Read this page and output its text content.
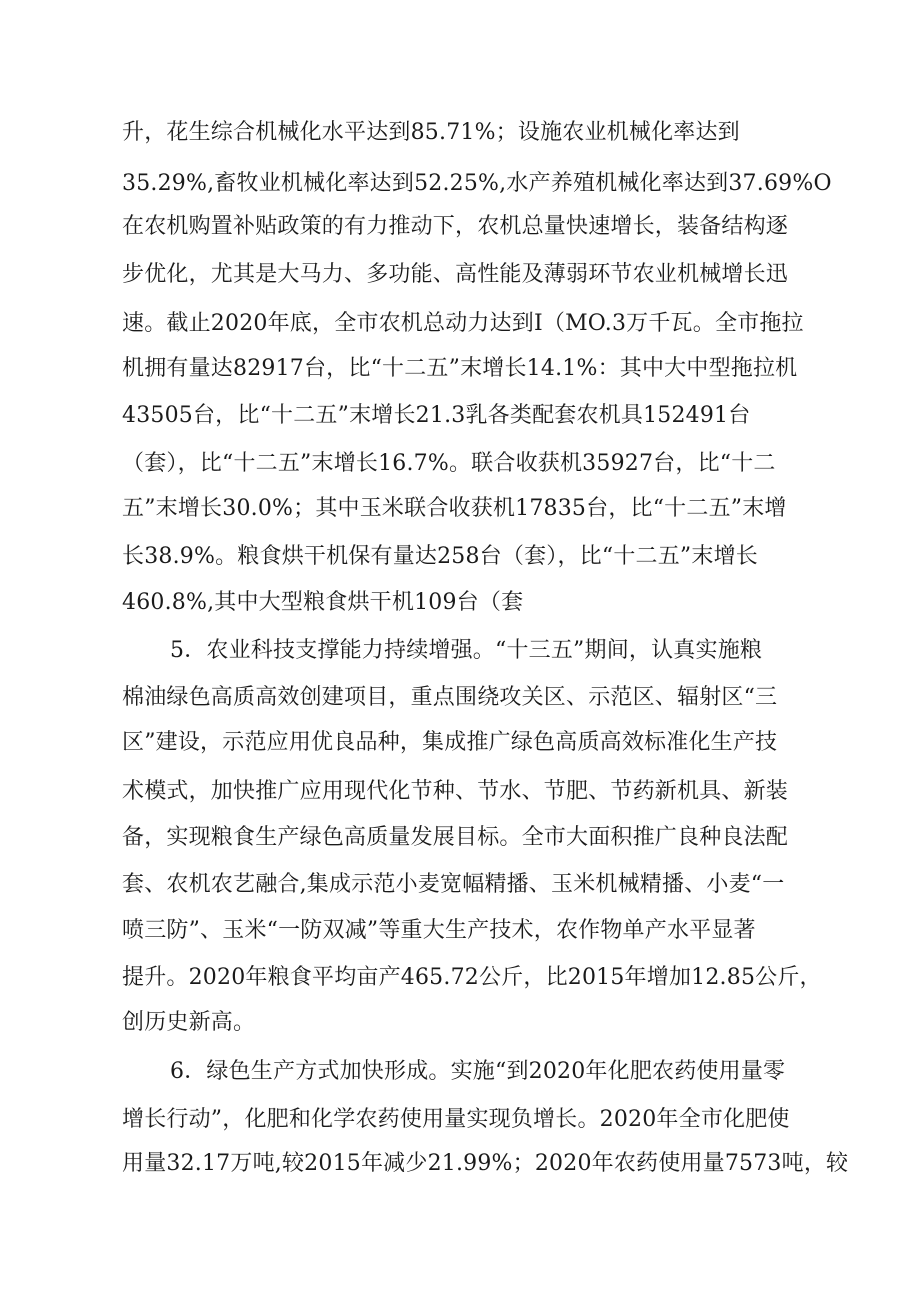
升，花生综合机械化水平达到85.71%；设施农业机械化率达到
35.29%,畜牧业机械化率达到52.25%,水产养殖机械化率达到37.69%O
在农机购置补贴政策的有力推动下，农机总量快速增长，装备结构逐
步优化，尤其是大马力、多功能、高性能及薄弱环节农业机械增长迅
速。截止2020年底，全市农机总动力达到I（MO.3万千瓦。全市拖拉
机拥有量达82917台，比“十二五”末增长14.1%：其中大中型拖拉机
43505台，比“十二五”末增长21.3乳各类配套农机具152491台
（套），比“十二五”末增长16.7%。联合收获机35927台，比“十二
五”末增长30.0%；其中玉米联合收获机17835台，比“十二五”末增
长38.9%。粮食烘干机保有量达258台（套），比“十二五”末增长
460.8%,其中大型粮食烘干机109台（套
5．农业科技支撑能力持续增强。“十三五”期间，认真实施粮
棉油绿色高质高效创建项目，重点围绕攻关区、示范区、辐射区“三
区”建设，示范应用优良品种，集成推广绿色高质高效标准化生产技
术模式，加快推广应用现代化节种、节水、节肥、节药新机具、新装
备，实现粮食生产绿色高质量发展目标。全市大面积推广良种良法配
套、农机农艺融合,集成示范小麦宽幅精播、玉米机械精播、小麦“一
喷三防”、玉米“一防双减”等重大生产技术，农作物单产水平显著
提升。2020年粮食平均亩产465.72公斤，比2015年增加12.85公斤，
创历史新高。
6．绿色生产方式加快形成。实施“到2020年化肥农药使用量零
增长行动”，化肥和化学农药使用量实现负增长。2020年全市化肥使
用量32.17万吨,较2015年减少21.99%；2020年农药使用量7573吨，较
